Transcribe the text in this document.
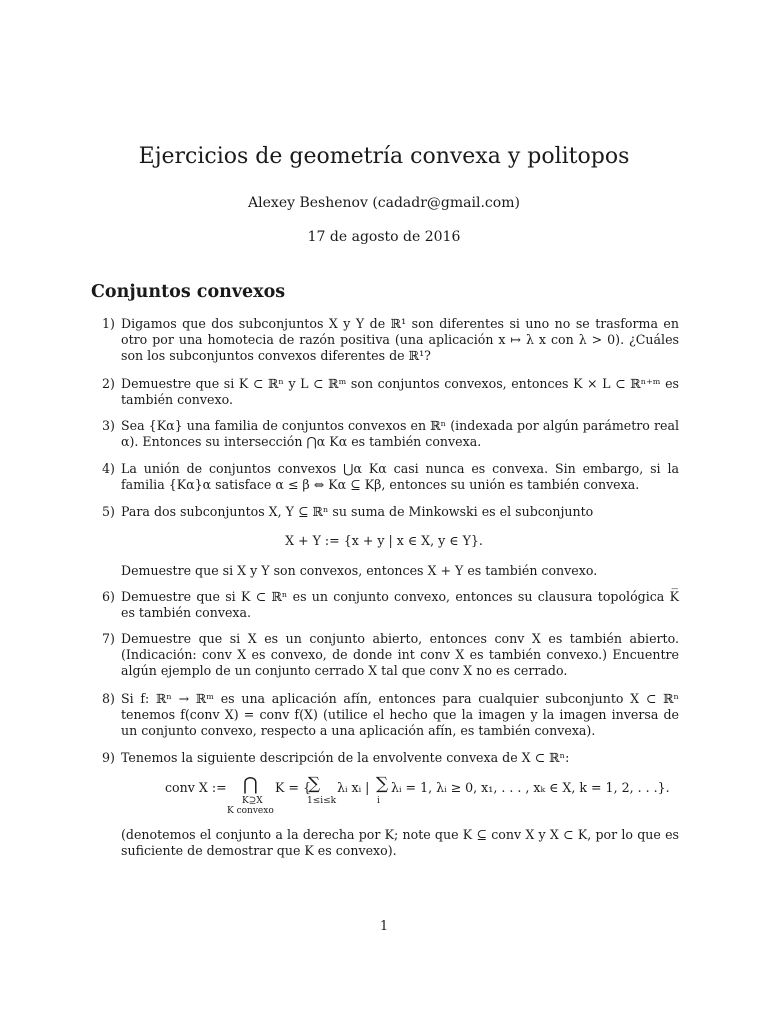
Ejercicios de geometría convexa y politopos
Alexey Beshenov (cadadr@gmail.com)
17 de agosto de 2016
Conjuntos convexos
1) Digamos que dos subconjuntos X y Y de ℝ¹ son diferentes si uno no se trasforma en otro por una homotecia de razón positiva (una aplicación x ↦ λ x con λ > 0). ¿Cuáles son los subconjuntos convexos diferentes de ℝ¹?
2) Demuestre que si K ⊂ ℝⁿ y L ⊂ ℝᵐ son conjuntos convexos, entonces K × L ⊂ ℝⁿ⁺ᵐ es también convexo.
3) Sea {Kα} una familia de conjuntos convexos en ℝⁿ (indexada por algún parámetro real α). Entonces su intersección ⋂α Kα es también convexa.
4) La unión de conjuntos convexos ⋃α Kα casi nunca es convexa. Sin embargo, si la familia {Kα}α satisface α ≤ β ⇔ Kα ⊆ Kβ, entonces su unión es también convexa.
5) Para dos subconjuntos X, Y ⊆ ℝⁿ su suma de Minkowski es el subconjunto
X + Y := {x + y | x ∈ X, y ∈ Y}.
Demuestre que si X y Y son convexos, entonces X + Y es también convexo.
6) Demuestre que si K ⊂ ℝⁿ es un conjunto convexo, entonces su clausura topológica K̅ es también convexa.
7) Demuestre que si X es un conjunto abierto, entonces conv X es también abierto. (Indicación: conv X es convexo, de donde int conv X es también convexo.) Encuentre algún ejemplo de un conjunto cerrado X tal que conv X no es cerrado.
8) Si f: ℝⁿ → ℝᵐ es una aplicación afín, entonces para cualquier subconjunto X ⊂ ℝⁿ tenemos f(conv X) = conv f(X) (utilice el hecho que la imagen y la imagen inversa de un conjunto convexo, respecto a una aplicación afín, es también convexa).
9) Tenemos la siguiente descripción de la envolvente convexa de X ⊂ ℝⁿ:
conv X := ⋂
K⊇X
K convexo
K = {
∑
1≤i≤k
λᵢ xᵢ | ∑
i
λᵢ = 1, λᵢ ≥ 0, x₁, . . . , xₖ ∈ X, k = 1, 2, . . .}.
(denotemos el conjunto a la derecha por K; note que K ⊆ conv X y X ⊂ K, por lo que es suficiente de demostrar que K es convexo).
1
